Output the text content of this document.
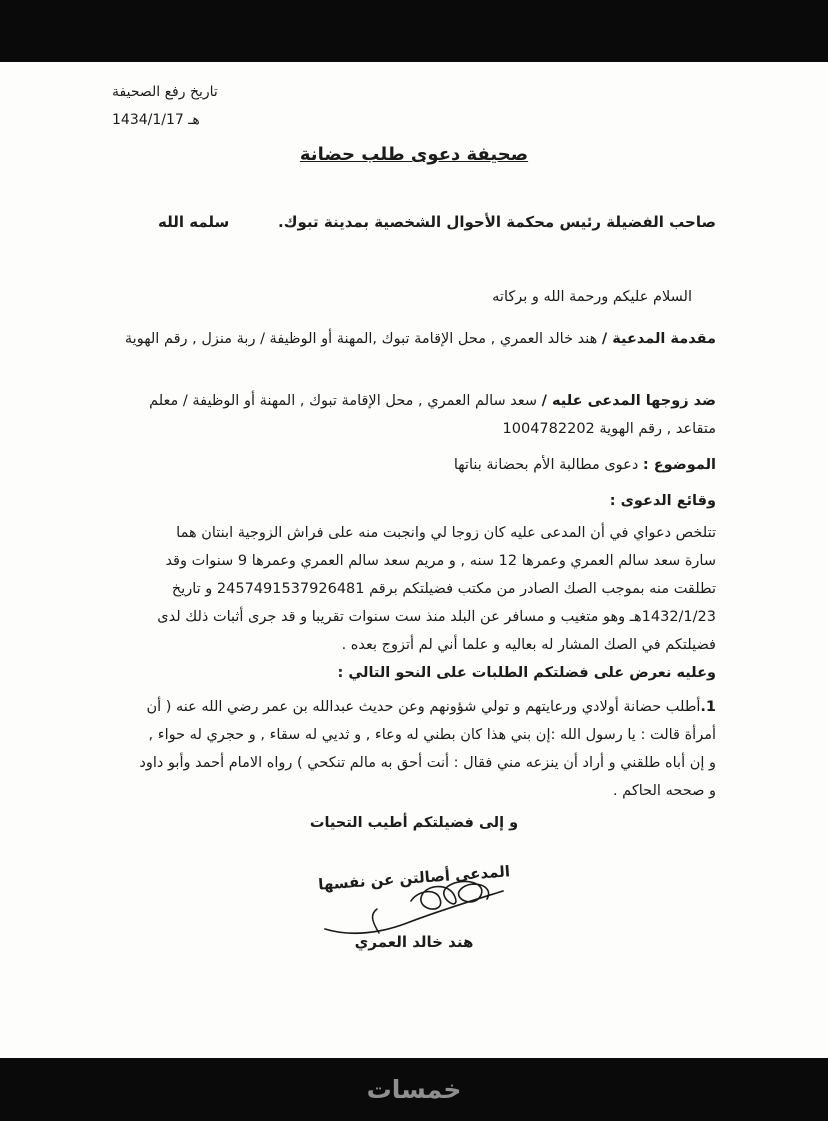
تاريخ رفع الصحيفة
1434/1/17 هـ
صحيفة دعوى طلب حضانة
صاحب الفضيلة رئيس محكمة الأحوال الشخصية بمدينة تبوك.
سلمه الله
السلام عليكم ورحمة الله و بركاته
مقدمة المدعية / هند خالد العمري , محل الإقامة تبوك ,المهنة أو الوظيفة / ربة منزل , رقم الهوية
ضد زوجها المدعى عليه / سعد سالم العمري , محل الإقامة تبوك , المهنة أو الوظيفة / معلم
متقاعد , رقم الهوية 1004782202
الموضوع : دعوى مطالبة الأم بحضانة بناتها
وقائع الدعوى :
تتلخص دعواي في أن المدعى عليه كان زوجا لي وانجبت منه على فراش الزوجية ابنتان هما
سارة سعد سالم العمري وعمرها 12 سنه , و مريم سعد سالم العمري وعمرها 9 سنوات وقد
تطلقت منه بموجب الصك الصادر من مكتب فضيلتكم برقم 2457491537926481 و تاريخ
1432/1/23هـ وهو متغيب و مسافر عن البلد منذ ست سنوات تقريبا و قد جرى أثبات ذلك لدى
فضيلتكم في الصك المشار له بعاليه و علما أني لم أتزوج بعده .
وعليه نعرض على فضلتكم الطلبات على النحو التالي :
1.أطلب حضانة أولادي ورعايتهم و تولي شؤونهم وعن حديث عبدالله بن عمر رضي الله عنه ( أن
أمرأة قالت : يا رسول الله :إن بني هذا كان بطني له وعاء , و ثديي له سقاء , و حجري له حواء ,
و إن أباه طلقني و أراد أن ينزعه مني فقال : أنت أحق به مالم تنكحي ) رواه الامام أحمد وأبو داود
و صححه الحاكم .
و إلى فضيلتكم أطيب التحيات
المدعى أصالتن عن نفسها
هند خالد العمري
خمسات
